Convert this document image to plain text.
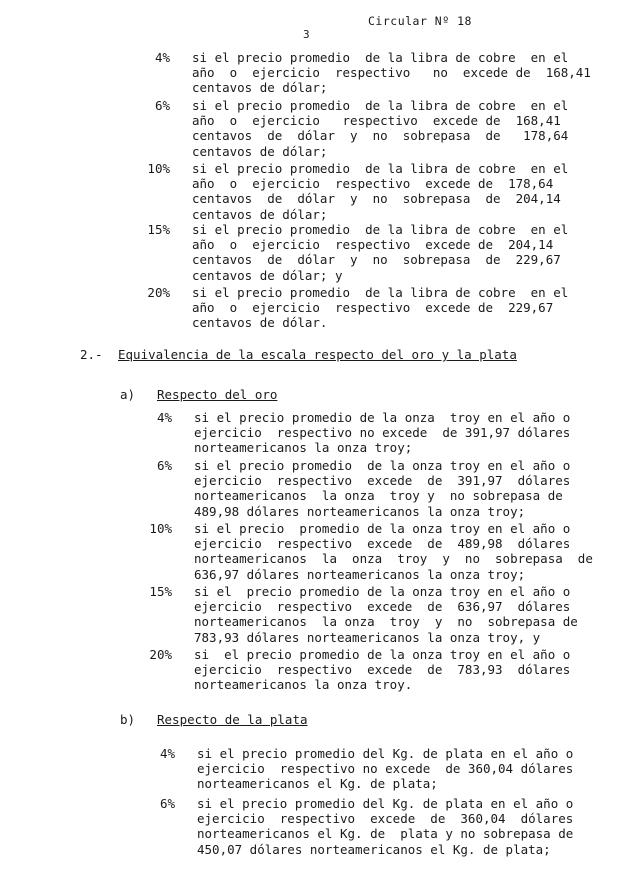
Circular Nº 18
3
4% si el precio promedio  de la libra de cobre  en el
año  o  ejercicio  respectivo   no  excede de  168,41
centavos de dólar;
6% si el precio promedio  de la libra de cobre  en el
año  o  ejercicio   respectivo  excede de  168,41
centavos  de  dólar  y  no  sobrepasa  de   178,64
centavos de dólar;
10% si el precio promedio  de la libra de cobre  en el
año  o  ejercicio  respectivo  excede de  178,64
centavos  de  dólar  y  no  sobrepasa  de  204,14
centavos de dólar;
15% si el precio promedio  de la libra de cobre  en el
año  o  ejercicio  respectivo  excede de  204,14
centavos  de  dólar  y  no  sobrepasa  de  229,67
centavos de dólar; y
20% si el precio promedio  de la libra de cobre  en el
año  o  ejercicio  respectivo  excede de  229,67
centavos de dólar.
2.- Equivalencia de la escala respecto del oro y la plata
a) Respecto del oro
4% si el precio promedio de la onza  troy en el año o
ejercicio  respectivo no excede  de 391,97 dólares
norteamericanos la onza troy;
6% si el precio promedio  de la onza troy en el año o
ejercicio  respectivo  excede  de  391,97  dólares
norteamericanos  la onza  troy y  no sobrepasa de
489,98 dólares norteamericanos la onza troy;
10% si el precio  promedio de la onza troy en el año o
ejercicio  respectivo  excede  de  489,98  dólares
norteamericanos  la  onza  troy  y  no  sobrepasa  de
636,97 dólares norteamericanos la onza troy;
15% si el  precio promedio de la onza troy en el año o
ejercicio  respectivo  excede  de  636,97  dólares
norteamericanos  la onza  troy  y  no  sobrepasa de
783,93 dólares norteamericanos la onza troy, y
20% si  el precio promedio de la onza troy en el año o
ejercicio  respectivo  excede  de  783,93  dólares
norteamericanos la onza troy.
b) Respecto de la plata
4% si el precio promedio del Kg. de plata en el año o
ejercicio  respectivo no excede  de 360,04 dólares
norteamericanos el Kg. de plata;
6% si el precio promedio del Kg. de plata en el año o
ejercicio  respectivo  excede  de  360,04  dólares
norteamericanos el Kg. de  plata y no sobrepasa de
450,07 dólares norteamericanos el Kg. de plata;
